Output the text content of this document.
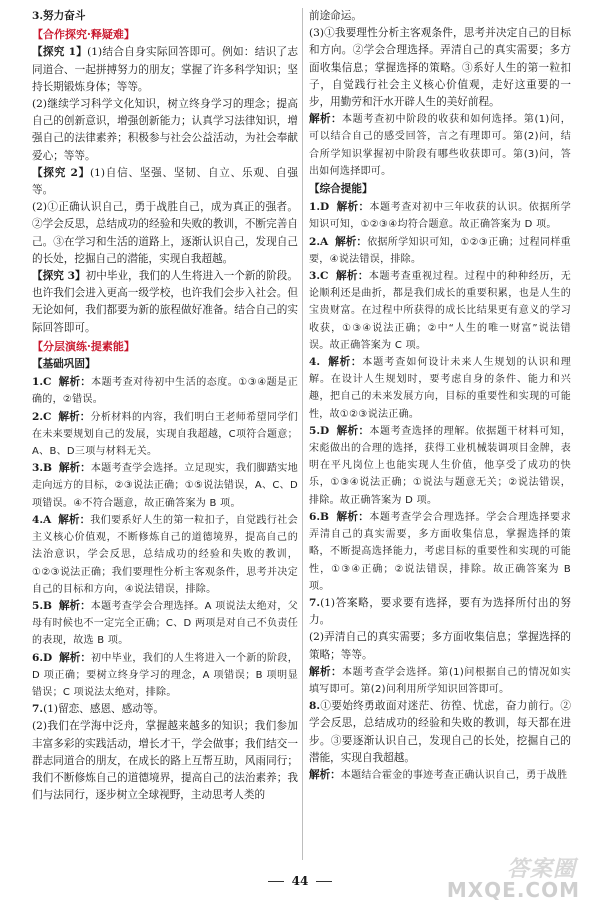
3.努力奋斗

【合作探究·释疑难】

【探究 1】(1)结合自身实际回答即可。例如：结识了志同道合、一起拼搏努力的朋友；掌握了许多科学知识；坚持长期锻炼身体；等等。

(2)继续学习科学文化知识，树立终身学习的理念；提高自己的创新意识，增强创新能力；认真学习法律知识，增强自己的法律素养；积极参与社会公益活动，为社会奉献爱心；等等。

【探究 2】(1)自信、坚强、坚韧、自立、乐观、自强等。

(2)①正确认识自己，勇于战胜自己，成为真正的强者。②学会反思，总结成功的经验和失败的教训，不断完善自己。③在学习和生活的道路上，逐渐认识自己，发现自己的长处，挖掘自己的潜能，实现自我超越。

【探究 3】初中毕业，我们的人生将进入一个新的阶段。也许我们会进入更高一级学校，也许我们会步入社会。但无论如何，我们都要为新的旅程做好准备。结合自己的实际回答即可。

【分层演练·提素能】

【基础巩固】

1.C 解析：本题考查对待初中生活的态度。①③④题是正确的，②错误。

2.C 解析：分析材料的内容，我们明白王老师希望同学们在未来要规划自己的发展，实现自我超越，C项符合题意；A、B、D三项与材料无关。

3.B 解析：本题考查学会选择。立足现实，我们脚踏实地走向远方的目标，②③说法正确；①⑤说法错误，A、C、D 项错误。④不符合题意，故正确答案为 B 项。

4.A 解析：我们要系好人生的第一粒扣子，自觉践行社会主义核心价值观，不断修炼自己的道德境界，提高自己的法治意识，学会反思，总结成功的经验和失败的教训，①②③说法正确；我们要理性分析主客观条件，思考并决定自己的目标和方向，④说法错误，排除。

5.B 解析：本题考查学会合理选择。A 项说法太绝对，父母有时候也不一定完全正确；C、D 两项是对自己不负责任的表现，故选 B 项。

6.D 解析：初中毕业，我们的人生将进入一个新的阶段，D 项正确；要树立终身学习的理念，A 项错误；B 项明显错误；C 项说法太绝对，排除。

7.(1)留恋、感恩、感动等。

(2)我们在学海中泛舟，掌握越来越多的知识；我们参加丰富多彩的实践活动，增长才干，学会做事；我们结交一群志同道合的朋友，在成长的路上互帮互助，风雨同行；我们不断修炼自己的道德境界，提高自己的法治素养；我们与法同行，逐步树立全球视野，主动思考人类的

前途命运。

(3)①我要理性分析主客观条件，思考并决定自己的目标和方向。②学会合理选择。弄清自己的真实需要；多方面收集信息；掌握选择的策略。③系好人生的第一粒扣子，自觉践行社会主义核心价值观，走好这重要的一步，用勤劳和汗水开辟人生的美好前程。

解析：本题考查初中阶段的收获和如何选择。第(1)问，可以结合自己的感受回答，言之有理即可。第(2)问，结合所学知识掌握初中阶段有哪些收获即可。第(3)问，答出如何选择即可。

【综合提能】

1.D 解析：本题考查对初中三年收获的认识。依据所学知识可知，①②③④均符合题意。故正确答案为 D 项。

2.A 解析：依据所学知识可知，①②③正确；过程同样重要，④说法错误，排除。

3.C 解析：本题考查重视过程。过程中的种种经历，无论顺利还是曲折，都是我们成长的重要积累，也是人生的宝贵财富。在过程中所获得的成长比结果更有意义的学习收获，①③④说法正确；②中“人生的唯一财富”说法错误。故正确答案为 C 项。

4. 解析：本题考查如何设计未来人生规划的认识和理解。在设计人生规划时，要考虑自身的条件、能力和兴趣，把自己的未来发展方向，目标的重要性和实现的可能性，故①②③说法正确。

5.D 解析：本题考查选择的理解。依据题干材料可知，宋彪做出的合理的选择，获得工业机械装调项目金牌，表明在平凡岗位上也能实现人生价值，他享受了成功的快乐，①③④说法正确；①说法与题意无关；②说法错误，排除。故正确答案为 D 项。

6.B 解析：本题考查学会合理选择。学会合理选择要求弄清自己的真实需要，多方面收集信息，掌握选择的策略，不断提高选择能力，考虑目标的重要性和实现的可能性，①③④正确；②说法错误，排除。故正确答案为 B 项。

7.(1)答案略，要求要有选择，要有为选择所付出的努力。

(2)弄清自己的真实需要；多方面收集信息；掌握选择的策略；等等。

解析：本题考查学会选择。第(1)问根据自己的情况如实填写即可。第(2)问利用所学知识回答即可。

8.①要始终勇敢面对迷茫、彷徨、忧虑，奋力前行。②学会反思，总结成功的经验和失败的教训，每天都在进步。③要逐渐认识自己，发现自己的长处，挖掘自己的潜能，实现自我超越。

解析：本题结合霍金的事迹考查正确认识自己，勇于战胜

44	答案圈
MXQE.COM
